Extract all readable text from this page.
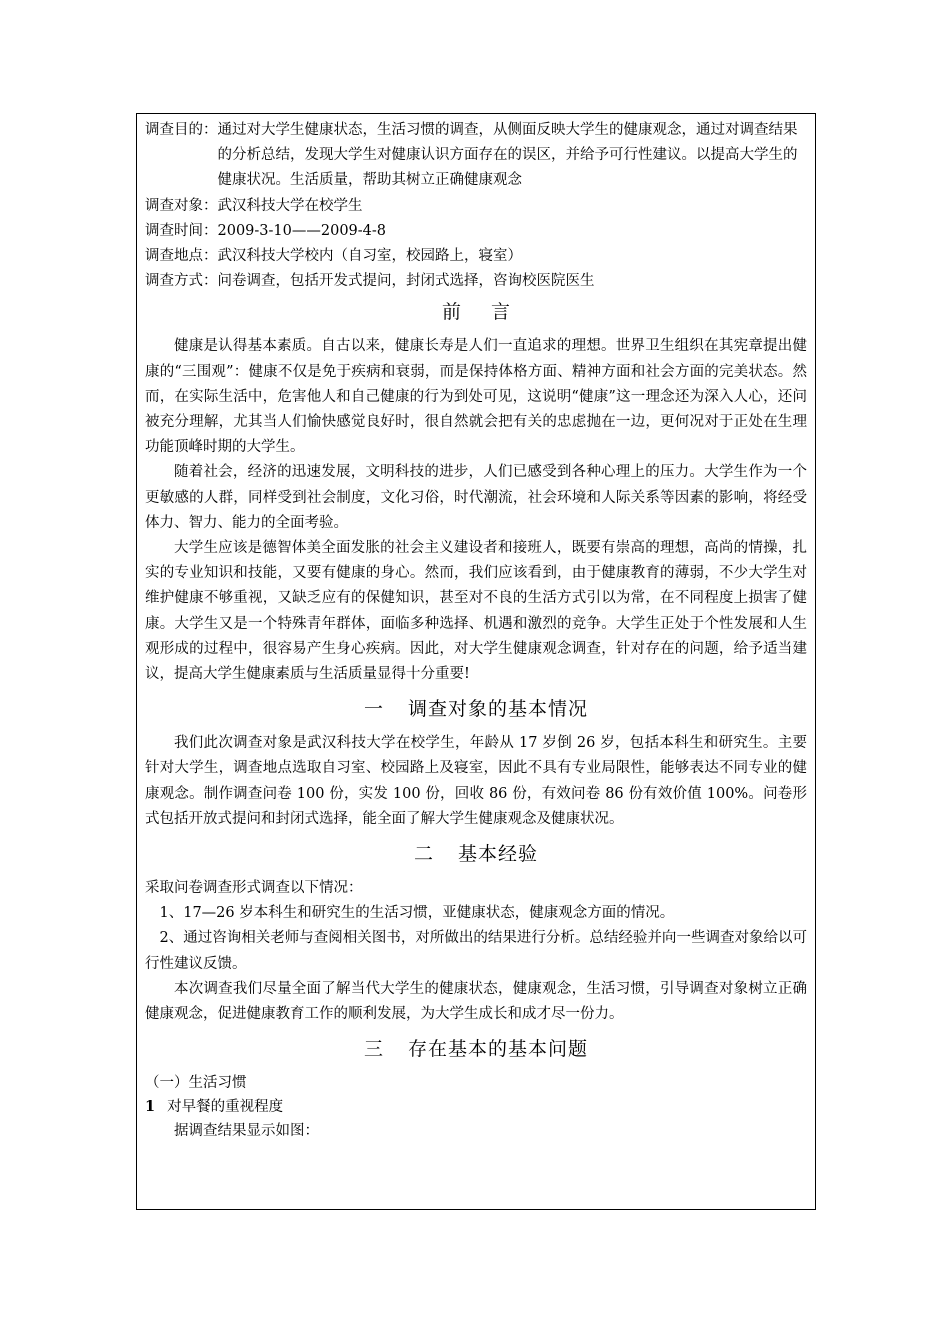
调查目的： 通过对大学生健康状态，生活习惯的调查，从侧面反映大学生的健康观念，通过对调查结果的分析总结，发现大学生对健康认识方面存在的误区，并给予可行性建议。以提高大学生的健康状况。生活质量，帮助其树立正确健康观念
调查对象： 武汉科技大学在校学生
调查时间： 2009-3-10——2009-4-8
调查地点： 武汉科技大学校内（自习室，校园路上，寝室）
调查方式： 问卷调查，包括开发式提问，封闭式选择，咨询校医院医生
前言

健康是认得基本素质。自古以来，健康长寿是人们一直追求的理想。世界卫生组织在其宪章提出健康的“三围观”：健康不仅是免于疾病和衰弱，而是保持体格方面、精神方面和社会方面的完美状态。然而，在实际生活中，危害他人和自己健康的行为到处可见，这说明“健康”这一理念还为深入人心，还问被充分理解，尤其当人们愉快感觉良好时，很自然就会把有关的忠虑抛在一边，更何况对于正处在生理功能顶峰时期的大学生。

随着社会，经济的迅速发展，文明科技的进步，人们已感受到各种心理上的压力。大学生作为一个更敏感的人群，同样受到社会制度，文化习俗，时代潮流，社会环境和人际关系等因素的影响，将经受体力、智力、能力的全面考验。

大学生应该是德智体美全面发胀的社会主义建设者和接班人，既要有崇高的理想，高尚的情操，扎实的专业知识和技能，又要有健康的身心。然而，我们应该看到，由于健康教育的薄弱，不少大学生对维护健康不够重视，又缺乏应有的保健知识，甚至对不良的生活方式引以为常，在不同程度上损害了健康。大学生又是一个特殊青年群体，面临多种选择、机遇和激烈的竞争。大学生正处于个性发展和人生观形成的过程中，很容易产生身心疾病。因此，对大学生健康观念调查，针对存在的问题，给予适当建议，提高大学生健康素质与生活质量显得十分重要!

一 调查对象的基本情况

我们此次调查对象是武汉科技大学在校学生，年龄从 17 岁倒 26 岁，包括本科生和研究生。主要针对大学生，调查地点选取自习室、校园路上及寝室，因此不具有专业局限性，能够表达不同专业的健康观念。制作调查问卷 100 份，实发 100 份，回收 86 份，有效问卷 86 份有效价值 100%。问卷形式包括开放式提问和封闭式选择，能全面了解大学生健康观念及健康状况。

二 基本经验

采取问卷调查形式调查以下情况：

1、17—26 岁本科生和研究生的生活习惯，亚健康状态，健康观念方面的情况。

2、通过咨询相关老师与查阅相关图书，对所做出的结果进行分析。总结经验并向一些调查对象给以可行性建议反馈。

本次调查我们尽量全面了解当代大学生的健康状态，健康观念，生活习惯，引导调查对象树立正确健康观念，促进健康教育工作的顺利发展，为大学生成长和成才尽一份力。

三 存在基本的基本问题

（一）生活习惯

1 对早餐的重视程度

据调查结果显示如图：
